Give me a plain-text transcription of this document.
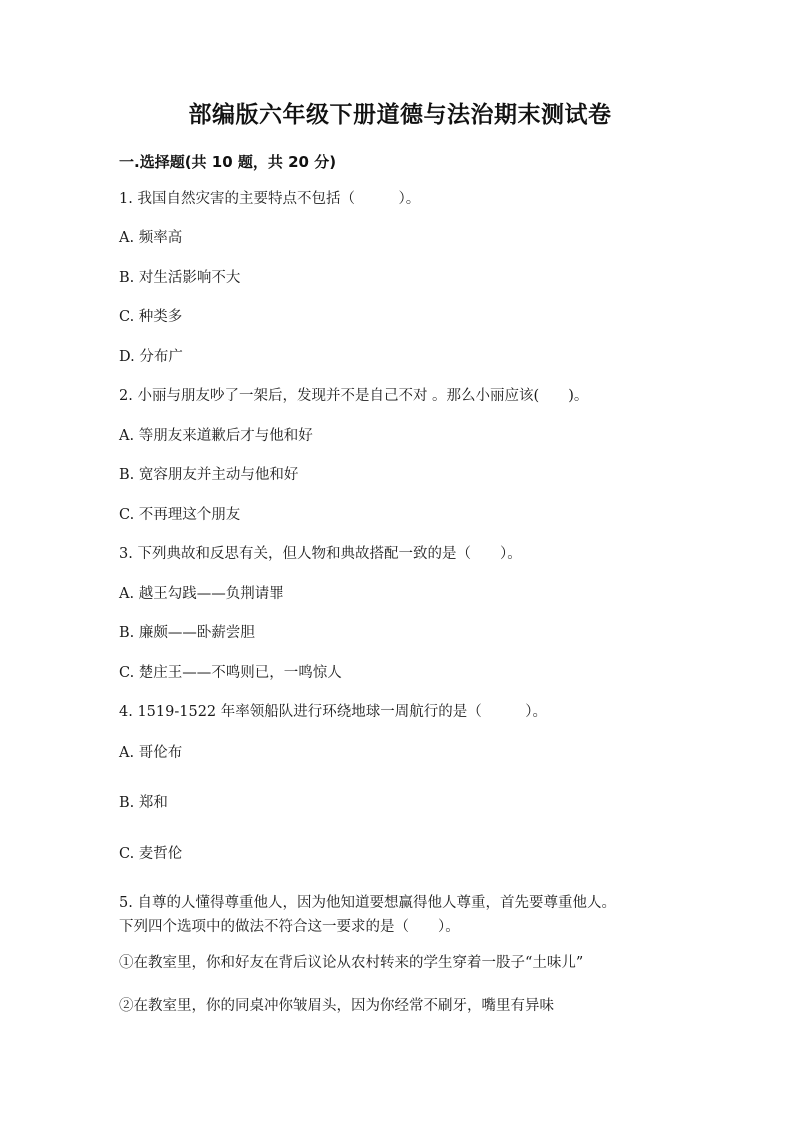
部编版六年级下册道德与法治期末测试卷
一.选择题(共 10 题，共 20 分)
1. 我国自然灾害的主要特点不包括（　　　）。
A. 频率高
B. 对生活影响不大
C. 种类多
D. 分布广
2. 小丽与朋友吵了一架后，发现并不是自己不对 。那么小丽应该(　　)。
A. 等朋友来道歉后才与他和好
B. 宽容朋友并主动与他和好
C. 不再理这个朋友
3. 下列典故和反思有关，但人物和典故搭配一致的是（　　）。
A. 越王勾践——负荆请罪
B. 廉颇——卧薪尝胆
C. 楚庄王——不鸣则已，一鸣惊人
4. 1519-1522 年率领船队进行环绕地球一周航行的是（　　　）。
A. 哥伦布
B. 郑和
C. 麦哲伦
5. 自尊的人懂得尊重他人，因为他知道要想赢得他人尊重，首先要尊重他人。
下列四个选项中的做法不符合这一要求的是（　　）。
①在教室里，你和好友在背后议论从农村转来的学生穿着一股子“土味儿”
②在教室里，你的同桌冲你皱眉头，因为你经常不刷牙，嘴里有异味
